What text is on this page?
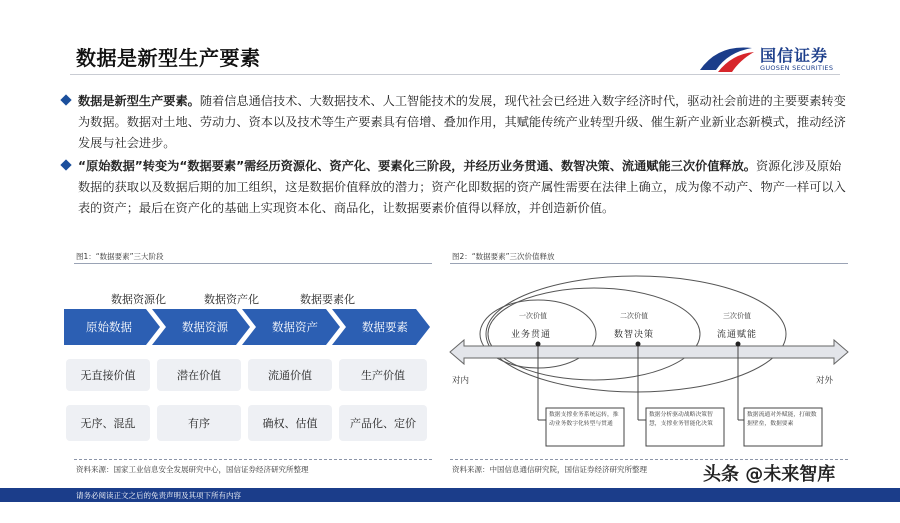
数据是新型生产要素	国信证券
GUOSEN SECURITIES
数据是新型生产要素。随着信息通信技术、大数据技术、人工智能技术的发展，现代社会已经进入数字经济时代，驱动社会前进的主要要素转变为数据。数据对土地、劳动力、资本以及技术等生产要素具有倍增、叠加作用，其赋能传统产业转型升级、催生新产业新业态新模式，推动经济发展与社会进步。
“原始数据”转变为“数据要素”需经历资源化、资产化、要素化三阶段，并经历业务贯通、数智决策、流通赋能三次价值释放。资源化涉及原始数据的获取以及数据后期的加工组织，这是数据价值释放的潜力；资产化即数据的资产属性需要在法律上确立，成为像不动产、物产一样可以入表的资产；最后在资产化的基础上实现资本化、商品化，让数据要素价值得以释放，并创造新价值。
图1：“数据要素”三大阶段
数据资源化	数据资产化	数据要素化
原始数据	数据资源	数据资产	数据要素
无直接价值	潜在价值	流通价值	生产价值
无序、混乱	有序	确权、估值	产品化、定价
资料来源：国家工业信息安全发展研究中心，国信证券经济研究所整理
图2：“数据要素”三次价值释放
一次价值
业务贯通
二次价值
数智决策
三次价值
流通赋能
对内	对外
数据支撑业务系统运转，推动业务数字化转型与贯通
数据分析驱动战略决策智慧，支撑业务智能化决策
数据流通对外赋能，打破数据壁垒，数据要素
资料来源：中国信息通信研究院，国信证券经济研究所整理	头条 @未来智库
请务必阅读正文之后的免责声明及其项下所有内容
